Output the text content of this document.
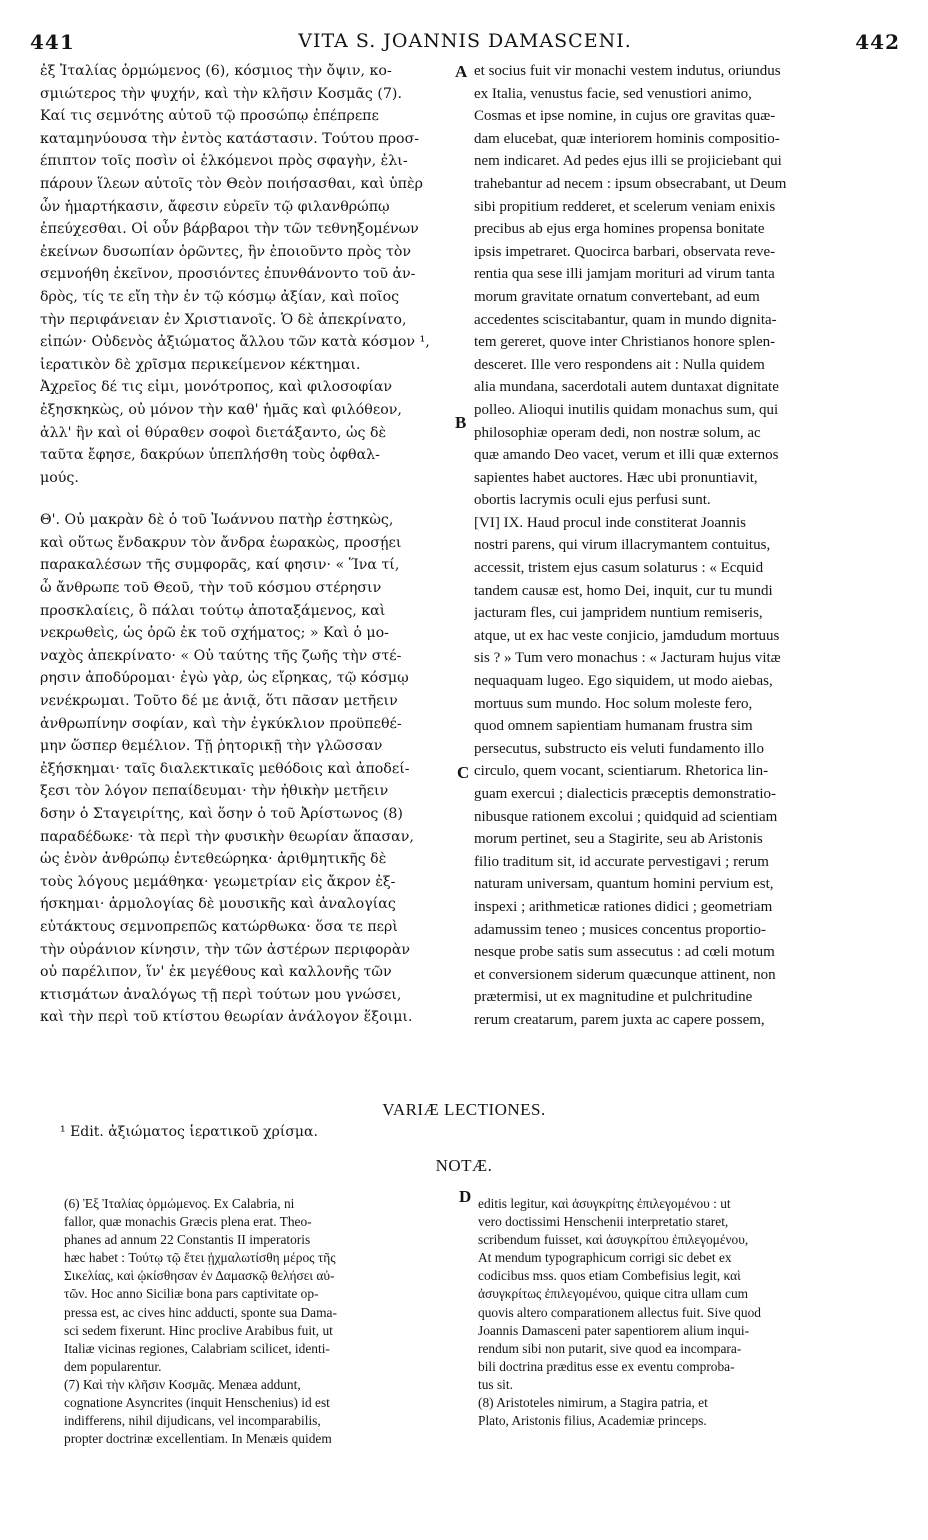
441	VITA S. JOANNIS DAMASCENI.	442
ἐξ Ἰταλίας ὁρμώμενος (6), κόσμιος τὴν ὄψιν, κο-
σμιώτερος τὴν ψυχήν, καὶ τὴν κλῆσιν Κοσμᾶς (7).
Καί τις σεμνότης αὐτοῦ τῷ προσώπῳ ἐπέπρεπε
καταμηνύουσα τὴν ἐντὸς κατάστασιν. Τούτου προσ-
έπιπτον τοῖς ποσὶν οἱ ἑλκόμενοι πρὸς σφαγὴν, ἐλι-
πάρουν ἵλεων αὐτοῖς τὸν Θεὸν ποιήσασθαι, καὶ ὑπὲρ
ὧν ἡμαρτήκασιν, ἄφεσιν εὑρεῖν τῷ φιλανθρώπῳ
ἐπεύχεσθαι. Οἱ οὖν βάρβαροι τὴν τῶν τεθνηξομένων
ἐκείνων δυσωπίαν ὁρῶντες, ἣν ἐποιοῦντο πρὸς τὸν
σεμνοήθη ἐκεῖνον, προσιόντες ἐπυνθάνοντο τοῦ ἀν-
δρὸς, τίς τε εἴη τὴν ἐν τῷ κόσμῳ ἀξίαν, καὶ ποῖος
τὴν περιφάνειαν ἐν Χριστιανοῖς. Ὁ δὲ ἀπεκρίνατο,
εἰπών· Οὐδενὸς ἀξιώματος ἄλλου τῶν κατὰ κόσμον ¹,
ἱερατικὸν δὲ χρῖσμα περικείμενον κέκτημαι.
Ἀχρεῖος δέ τις εἰμι, μονότροπος, καὶ φιλοσοφίαν
ἐξησκηκὼς, οὐ μόνον τὴν καθ' ἡμᾶς καὶ φιλόθεον,
ἀλλ' ἣν καὶ οἱ θύραθεν σοφοὶ διετάξαντο, ὡς δὲ
ταῦτα ἔφησε, δακρύων ὑπεπλήσθη τοὺς ὀφθαλ-
μούς.
Θ'. Οὐ μακρὰν δὲ ὁ τοῦ Ἰωάννου πατὴρ ἑστηκὼς,
καὶ οὕτως ἔνδακρυν τὸν ἄνδρα ἑωρακὼς, προσῄει
παρακαλέσων τῆς συμφορᾶς, καί φησιν· « Ἵνα τί,
ὦ ἄνθρωπε τοῦ Θεοῦ, τὴν τοῦ κόσμου στέρησιν
προσκλαίεις, ὃ πάλαι τούτῳ ἀποταξάμενος, καὶ
νεκρωθεὶς, ὡς ὁρῶ ἐκ τοῦ σχήματος; » Καὶ ὁ μο-
ναχὸς ἀπεκρίνατο· « Οὐ ταύτης τῆς ζωῆς τὴν στέ-
ρησιν ἀποδύρομαι· ἐγὼ γὰρ, ὡς εἴρηκας, τῷ κόσμῳ
νενέκρωμαι. Τοῦτο δέ με ἀνιᾷ, ὅτι πᾶσαν μετῆειν
ἀνθρωπίνην σοφίαν, καὶ τὴν ἐγκύκλιον προϋπεθέ-
μην ὥσπερ θεμέλιον. Τῇ ῥητορικῇ τὴν γλῶσσαν
ἐξήσκημαι· ταῖς διαλεκτικαῖς μεθόδοις καὶ ἀποδεί-
ξεσι τὸν λόγον πεπαίδευμαι· τὴν ἠθικὴν μετῆειν
δσην ὁ Σταγειρίτης, καὶ ὅσην ὁ τοῦ Ἀρίστωνος (8)
παραδέδωκε· τὰ περὶ τὴν φυσικὴν θεωρίαν ἅπασαν,
ὡς ἐνὸν ἀνθρώπῳ ἐντεθεώρηκα· ἀριθμητικῆς δὲ
τοὺς λόγους μεμάθηκα· γεωμετρίαν εἰς ἄκρον ἐξ-
ήσκημαι· ἁρμολογίας δὲ μουσικῆς καὶ ἀναλογίας
εὐτάκτους σεμνοπρεπῶς κατώρθωκα· ὅσα τε περὶ
τὴν οὐράνιον κίνησιν, τὴν τῶν ἀστέρων περιφορὰν
οὐ παρέλιπον, ἵν' ἐκ μεγέθους καὶ καλλονῆς τῶν
κτισμάτων ἀναλόγως τῇ περὶ τούτων μου γνώσει,
καὶ τὴν περὶ τοῦ κτίστου θεωρίαν ἀνάλογον ἕξοιμι.
et socius fuit vir monachi vestem indutus, oriundus
ex Italia, venustus facie, sed venustiori animo,
Cosmas et ipse nomine, in cujus ore gravitas quæ-
dam elucebat, quæ interiorem hominis compositio-
nem indicaret. Ad pedes ejus illi se projiciebant qui
trahebantur ad necem : ipsum obsecrabant, ut Deum
sibi propitium redderet, et scelerum veniam enixis
precibus ab ejus erga homines propensa bonitate
ipsis impetraret. Quocirca barbari, observata reve-
rentia qua sese illi jamjam morituri ad virum tanta
morum gravitate ornatum convertebant, ad eum
accedentes sciscitabantur, quam in mundo dignita-
tem gereret, quove inter Christianos honore splen-
desceret. Ille vero respondens ait : Nulla quidem
alia mundana, sacerdotali autem duntaxat dignitate
polleo. Alioqui inutilis quidam monachus sum, qui
philosophiæ operam dedi, non nostræ solum, ac
quæ amando Deo vacet, verum et illi quæ externos
sapientes habet auctores. Hæc ubi pronuntiavit,
obortis lacrymis oculi ejus perfusi sunt.
[VI] IX. Haud procul inde constiterat Joannis
nostri parens, qui virum illacrymantem contuitus,
accessit, tristem ejus casum solaturus : « Ecquid
tandem causæ est, homo Dei, inquit, cur tu mundi
jacturam fles, cui jampridem nuntium remiseris,
atque, ut ex hac veste conjicio, jamdudum mortuus
sis ? » Tum vero monachus : « Jacturam hujus vitæ
nequaquam lugeo. Ego siquidem, ut modo aiebas,
mortuus sum mundo. Hoc solum moleste fero,
quod omnem sapientiam humanam frustra sim
persecutus, substructo eis veluti fundamento illo
circulo, quem vocant, scientiarum. Rhetorica lin-
guam exercui ; dialecticis præceptis demonstratio-
nibusque rationem excolui ; quidquid ad scientiam
morum pertinet, seu a Stagirite, seu ab Aristonis
filio traditum sit, id accurate pervestigavi ; rerum
naturam universam, quantum homini pervium est,
inspexi ; arithmeticæ rationes didici ; geometriam
adamussim teneo ; musices concentus proportio-
nesque probe satis sum assecutus : ad cœli motum
et conversionem siderum quæcunque attinent, non
prætermisi, ut ex magnitudine et pulchritudine
rerum creatarum, parem juxta ac capere possem,
A
B
C
D
VARIÆ LECTIONES.
¹ Edit. ἀξιώματος ἱερατικοῦ χρίσμα.
NOTÆ.
(6) Ἐξ Ἰταλίας ὁρμώμενος. Ex Calabria, ni
fallor, quæ monachis Græcis plena erat. Theo-
phanes ad annum 22 Constantis II imperatoris
hæc habet : Τούτῳ τῷ ἔτει ᾐχμαλωτίσθη μέρος τῆς
Σικελίας, καὶ ᾠκίσθησαν ἐν Δαμασκῷ θελήσει αὐ-
τῶν. Hoc anno Siciliæ bona pars captivitate op-
pressa est, ac cives hinc adducti, sponte sua Dama-
sci sedem fixerunt. Hinc proclive Arabibus fuit, ut
Italiæ vicinas regiones, Calabriam scilicet, identi-
dem popularentur.
(7) Καὶ τὴν κλῆσιν Κοσμᾶς. Menæa addunt,
cognatione Asyncrites (inquit Henschenius) id est
indifferens, nihil dijudicans, vel incomparabilis,
propter doctrinæ excellentiam. In Menæis quidem
editis legitur, καὶ ἀσυγκρίτης ἐπιλεγομένου : ut
vero doctissimi Henschenii interpretatio staret,
scribendum fuisset, καὶ ἀσυγκρίτου ἐπιλεγομένου,
At mendum typographicum corrigi sic debet ex
codicibus mss. quos etiam Combefisius legit, καὶ
ἀσυγκρίτως ἐπιλεγομένου, quique citra ullam cum
quovis altero comparationem allectus fuit. Sive quod
Joannis Damasceni pater sapentiorem alium inqui-
rendum sibi non putarit, sive quod ea incompara-
bili doctrina præditus esse ex eventu comproba-
tus sit.
(8) Aristoteles nimirum, a Stagira patria, et
Plato, Aristonis filius, Academiæ princeps.
